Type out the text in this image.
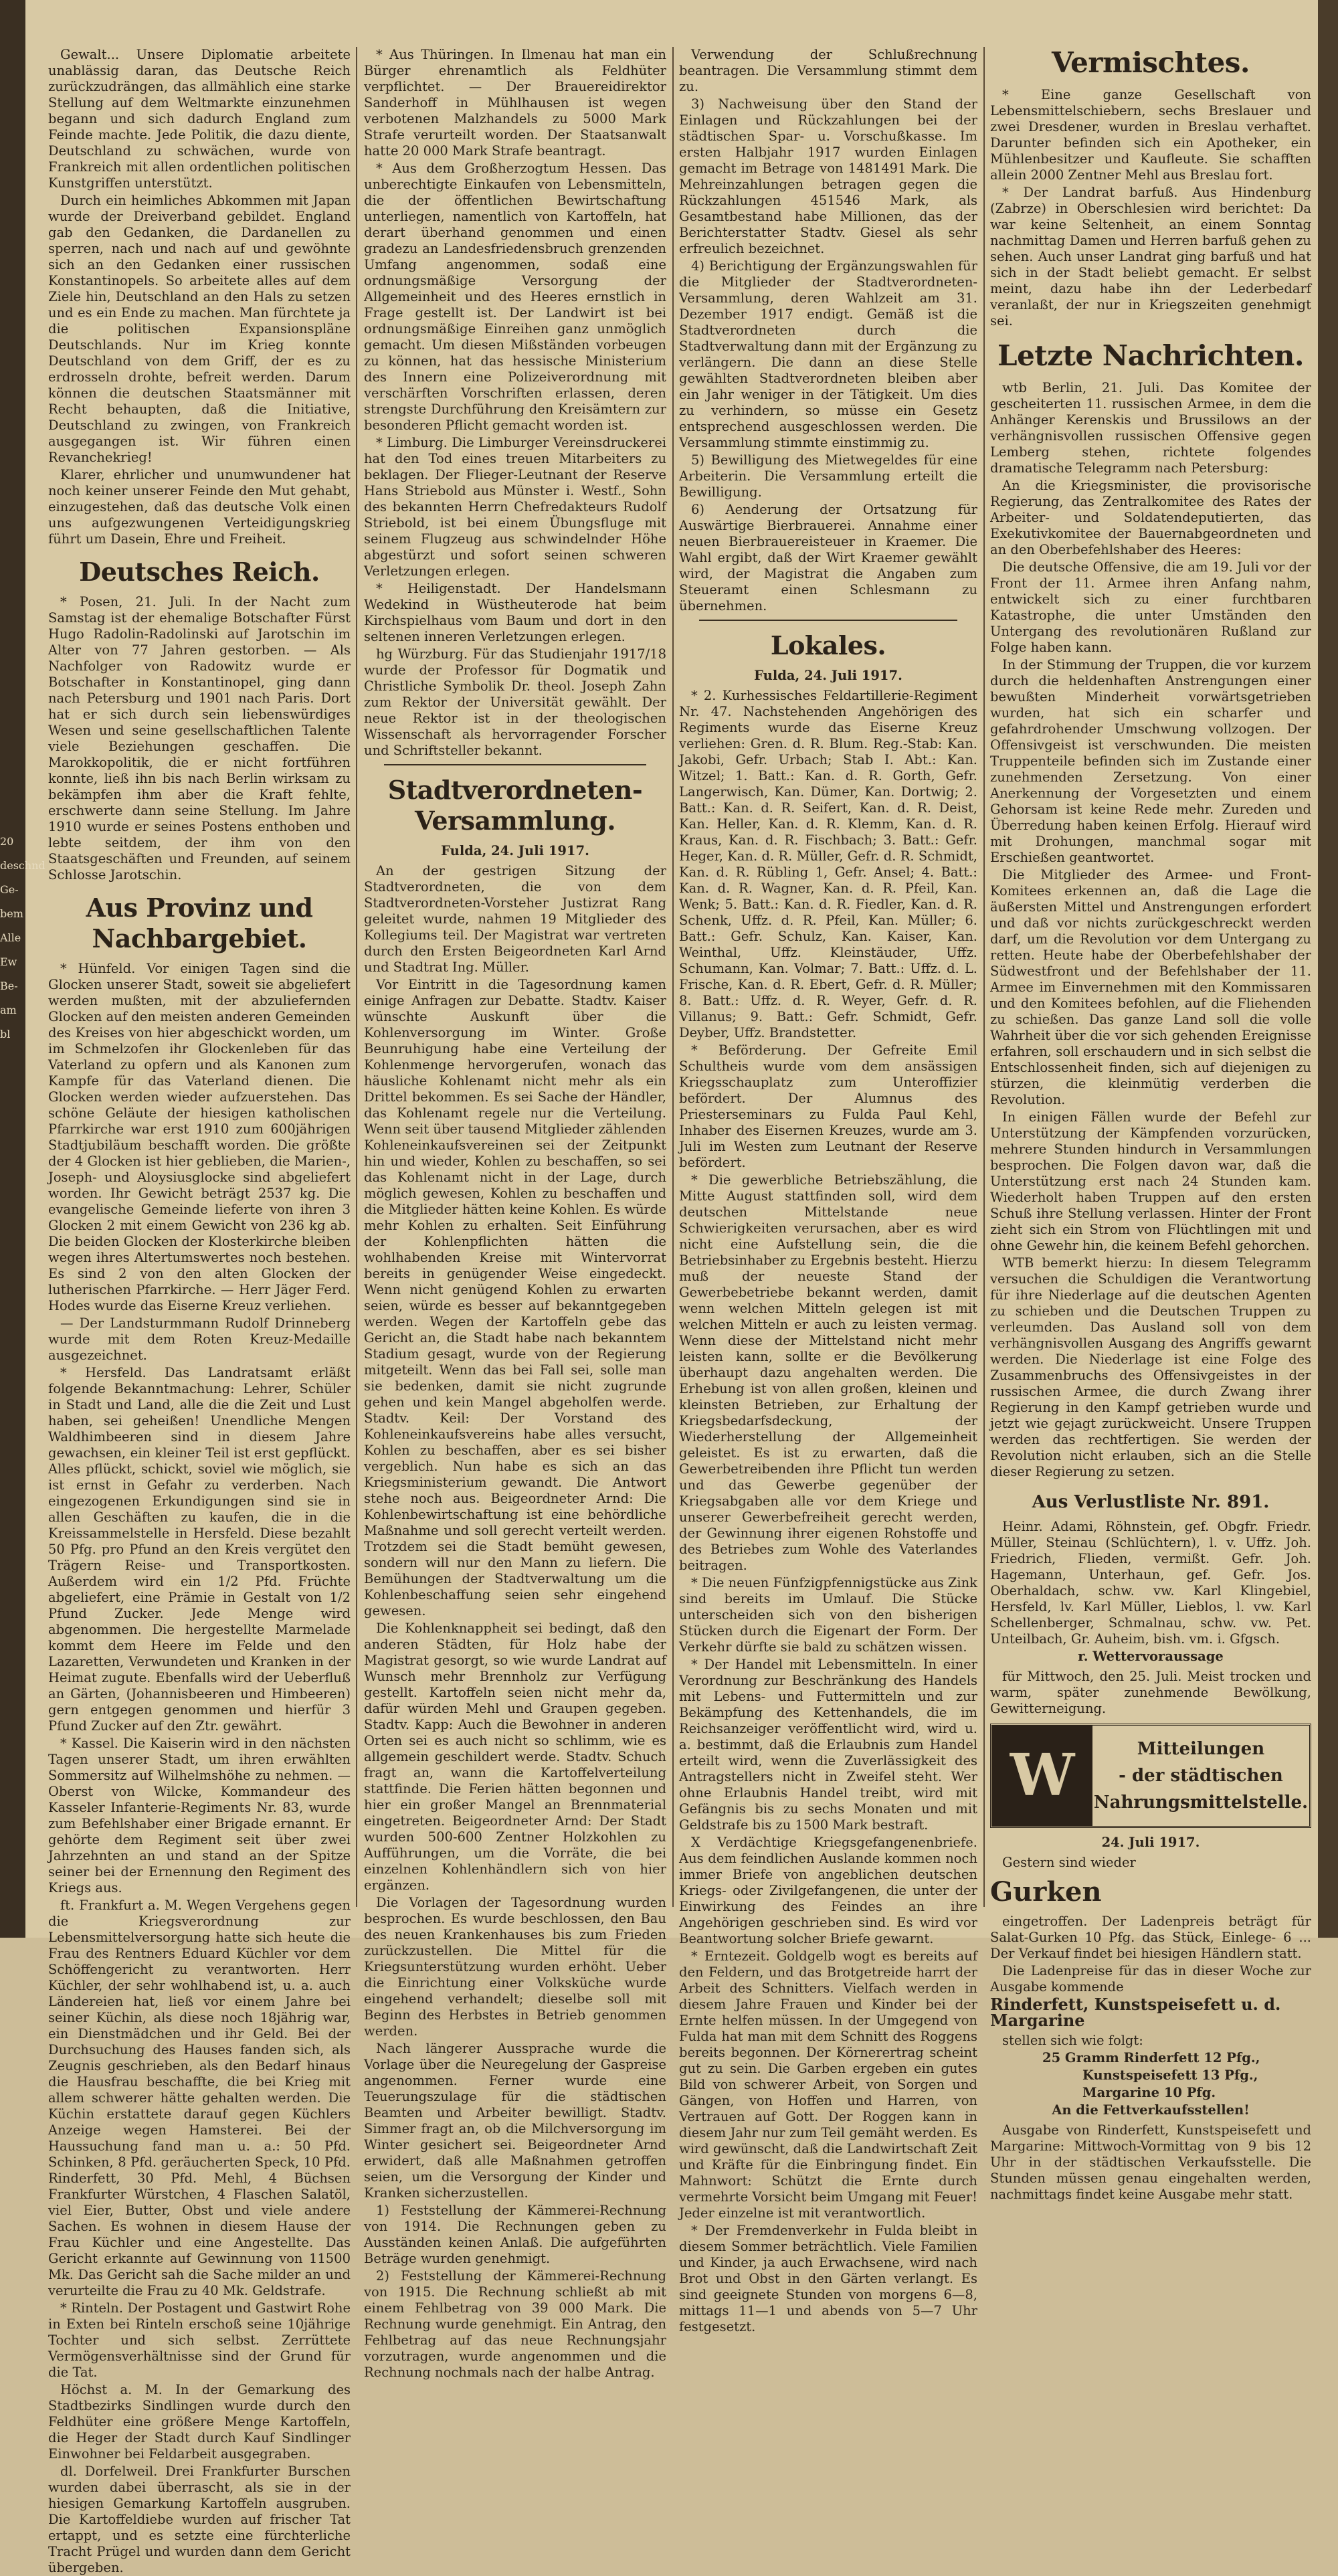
Gewalt... Unsere Diplomatie arbeitete unablässig daran, das Deutsche Reich zurückzudrängen, das allmählich eine starke Stellung auf dem Weltmarkte einzunehmen begann und sich dadurch England zum Feinde machte. Jede Politik, die dazu diente, Deutschland zu schwächen, wurde von Frankreich mit allen ordentlichen politischen Kunstgriffen unterstützt.

Durch ein heimliches Abkommen mit Japan wurde der Dreiverband gebildet. England gab den Gedanken, die Dardanellen zu sperren, nach und nach auf und gewöhnte sich an den Gedanken einer russischen Konstantinopels. So arbeitete alles auf dem Ziele hin, Deutschland an den Hals zu setzen und es ein Ende zu machen. Man fürchtete ja die politischen Expansionspläne Deutschlands. Nur im Krieg konnte Deutschland von dem Griff, der es zu erdrosseln drohte, befreit werden. Darum können die deutschen Staatsmänner mit Recht behaupten, daß die Initiative, Deutschland zu zwingen, von Frankreich ausgegangen ist. Wir führen einen Revanchekrieg!

Klarer, ehrlicher und unumwundener hat noch keiner unserer Feinde den Mut gehabt, einzugestehen, daß das deutsche Volk einen uns aufgezwungenen Verteidigungskrieg führt um Dasein, Ehre und Freiheit.

Deutsches Reich.

* Posen, 21. Juli. In der Nacht zum Samstag ist der ehemalige Botschafter Fürst Hugo Radolin-Radolinski auf Jarotschin im Alter von 77 Jahren gestorben. — Als Nachfolger von Radowitz wurde er Botschafter in Konstantinopel, ging dann nach Petersburg und 1901 nach Paris. Dort hat er sich durch sein liebenswürdiges Wesen und seine gesellschaftlichen Talente viele Beziehungen geschaffen. Die Marokkopolitik, die er nicht fortführen konnte, ließ ihn bis nach Berlin wirksam zu bekämpfen ihm aber die Kraft fehlte, erschwerte dann seine Stellung. Im Jahre 1910 wurde er seines Postens enthoben und lebte seitdem, der ihm von den Staatsgeschäften und Freunden, auf seinem Schlosse Jarotschin.

Aus Provinz und Nachbargebiet.

* Hünfeld. Vor einigen Tagen sind die Glocken unserer Stadt, soweit sie abgeliefert werden mußten, mit der abzuliefernden Glocken auf den meisten anderen Gemeinden des Kreises von hier abgeschickt worden, um im Schmelzofen ihr Glockenleben für das Vaterland zu opfern und als Kanonen zum Kampfe für das Vaterland dienen. Die Glocken werden wieder aufzuerstehen. Das schöne Geläute der hiesigen katholischen Pfarrkirche war erst 1910 zum 600jährigen Stadtjubiläum beschafft worden. Die größte der 4 Glocken ist hier geblieben, die Marien-, Joseph- und Aloysiusglocke sind abgeliefert worden. Ihr Gewicht beträgt 2537 kg. Die evangelische Gemeinde lieferte von ihren 3 Glocken 2 mit einem Gewicht von 236 kg ab. Die beiden Glocken der Klosterkirche bleiben wegen ihres Altertumswertes noch bestehen. Es sind 2 von den alten Glocken der lutherischen Pfarrkirche. — Herr Jäger Ferd. Hodes wurde das Eiserne Kreuz verliehen.

— Der Landsturmmann Rudolf Drinneberg wurde mit dem Roten Kreuz-Medaille ausgezeichnet.

* Hersfeld. Das Landratsamt erläßt folgende Bekanntmachung: Lehrer, Schüler in Stadt und Land, alle die die Zeit und Lust haben, sei geheißen! Unendliche Mengen Waldhimbeeren sind in diesem Jahre gewachsen, ein kleiner Teil ist erst gepflückt. Alles pflückt, schickt, soviel wie möglich, sie ist ernst in Gefahr zu verderben. Nach eingezogenen Erkundigungen sind sie in allen Geschäften zu kaufen, die in die Kreissammelstelle in Hersfeld. Diese bezahlt 50 Pfg. pro Pfund an den Kreis vergütet den Trägern Reise- und Transportkosten. Außerdem wird ein 1/2 Pfd. Früchte abgeliefert, eine Prämie in Gestalt von 1/2 Pfund Zucker. Jede Menge wird abgenommen. Die hergestellte Marmelade kommt dem Heere im Felde und den Lazaretten, Verwundeten und Kranken in der Heimat zugute. Ebenfalls wird der Ueberfluß an Gärten, (Johannisbeeren und Himbeeren) gern entgegen genommen und hierfür 3 Pfund Zucker auf den Ztr. gewährt.

* Kassel. Die Kaiserin wird in den nächsten Tagen unserer Stadt, um ihren erwählten Sommersitz auf Wilhelmshöhe zu nehmen. — Oberst von Wilcke, Kommandeur des Kasseler Infanterie-Regiments Nr. 83, wurde zum Befehlshaber einer Brigade ernannt. Er gehörte dem Regiment seit über zwei Jahrzehnten an und stand an der Spitze seiner bei der Ernennung den Regiment des Kriegs aus.

ft. Frankfurt a. M. Wegen Vergehens gegen die Kriegsverordnung zur Lebensmittelversorgung hatte sich heute die Frau des Rentners Eduard Küchler vor dem Schöffengericht zu verantworten. Herr Küchler, der sehr wohlhabend ist, u. a. auch Ländereien hat, ließ vor einem Jahre bei seiner Küchin, als diese noch 18jährig war, ein Dienstmädchen und ihr Geld. Bei der Durchsuchung des Hauses fanden sich, als Zeugnis geschrieben, als den Bedarf hinaus die Hausfrau beschaffte, die bei Krieg mit allem schwerer hätte gehalten werden. Die Küchin erstattete darauf gegen Küchlers Anzeige wegen Hamsterei. Bei der Haussuchung fand man u. a.: 50 Pfd. Schinken, 8 Pfd. geräucherten Speck, 10 Pfd. Rinderfett, 30 Pfd. Mehl, 4 Büchsen Frankfurter Würstchen, 4 Flaschen Salatöl, viel Eier, Butter, Obst und viele andere Sachen. Es wohnen in diesem Hause der Frau Küchler und eine Angestellte. Das Gericht erkannte auf Gewinnung von 11500 Mk. Das Gericht sah die Sache milder an und verurteilte die Frau zu 40 Mk. Geldstrafe.

* Rinteln. Der Postagent und Gastwirt Rohe in Exten bei Rinteln erschoß seine 10jährige Tochter und sich selbst. Zerrüttete Vermögensverhältnisse sind der Grund für die Tat.

Höchst a. M. In der Gemarkung des Stadtbezirks Sindlingen wurde durch den Feldhüter eine größere Menge Kartoffeln, die Heger der Stadt durch Kauf Sindlinger Einwohner bei Feldarbeit ausgegraben.

dl. Dorfelweil. Drei Frankfurter Burschen wurden dabei überrascht, als sie in der hiesigen Gemarkung Kartoffeln ausgruben. Die Kartoffeldiebe wurden auf frischer Tat ertappt, und es setzte eine fürchterliche Tracht Prügel und wurden dann dem Gericht übergeben.

* Aus Thüringen. In Ilmenau hat man ein Bürger ehrenamtlich als Feldhüter verpflichtet. — Der Brauereidirektor Sanderhoff in Mühlhausen ist wegen verbotenen Malzhandels zu 5000 Mark Strafe verurteilt worden. Der Staatsanwalt hatte 20 000 Mark Strafe beantragt.

* Aus dem Großherzogtum Hessen. Das unberechtigte Einkaufen von Lebensmitteln, die der öffentlichen Bewirtschaftung unterliegen, namentlich von Kartoffeln, hat derart überhand genommen und einen gradezu an Landesfriedensbruch grenzenden Umfang angenommen, sodaß eine ordnungsmäßige Versorgung der Allgemeinheit und des Heeres ernstlich in Frage gestellt ist. Der Landwirt ist bei ordnungsmäßige Einreihen ganz unmöglich gemacht. Um diesen Mißständen vorbeugen zu können, hat das hessische Ministerium des Innern eine Polizeiverordnung mit verschärften Vorschriften erlassen, deren strengste Durchführung den Kreisämtern zur besonderen Pflicht gemacht worden ist.

* Limburg. Die Limburger Vereinsdruckerei hat den Tod eines treuen Mitarbeiters zu beklagen. Der Flieger-Leutnant der Reserve Hans Striebold aus Münster i. Westf., Sohn des bekannten Herrn Chefredakteurs Rudolf Striebold, ist bei einem Übungsfluge mit seinem Flugzeug aus schwindelnder Höhe abgestürzt und sofort seinen schweren Verletzungen erlegen.

* Heiligenstadt. Der Handelsmann Wedekind in Wüstheuterode hat beim Kirchspielhaus vom Baum und dort in den seltenen inneren Verletzungen erlegen.

hg Würzburg. Für das Studienjahr 1917/18 wurde der Professor für Dogmatik und Christliche Symbolik Dr. theol. Joseph Zahn zum Rektor der Universität gewählt. Der neue Rektor ist in der theologischen Wissenschaft als hervorragender Forscher und Schriftsteller bekannt.

Stadtverordneten-Versammlung.
Fulda, 24. Juli 1917.

An der gestrigen Sitzung der Stadtverordneten, die von dem Stadtverordneten-Vorsteher Justizrat Rang geleitet wurde, nahmen 19 Mitglieder des Kollegiums teil. Der Magistrat war vertreten durch den Ersten Beigeordneten Karl Arnd und Stadtrat Ing. Müller.

Vor Eintritt in die Tagesordnung kamen einige Anfragen zur Debatte. Stadtv. Kaiser wünschte Auskunft über die Kohlenversorgung im Winter. Große Beunruhigung habe eine Verteilung der Kohlenmenge hervorgerufen, wonach das häusliche Kohlenamt nicht mehr als ein Drittel bekommen. Es sei Sache der Händler, das Kohlenamt regele nur die Verteilung. Wenn seit über tausend Mitglieder zählenden Kohleneinkaufsvereinen sei der Zeitpunkt hin und wieder, Kohlen zu beschaffen, so sei das Kohlenamt nicht in der Lage, durch möglich gewesen, Kohlen zu beschaffen und die Mitglieder hätten keine Kohlen. Es würde mehr Kohlen zu erhalten. Seit Einführung der Kohlenpflichten hätten die wohlhabenden Kreise mit Wintervorrat bereits in genügender Weise eingedeckt. Wenn nicht genügend Kohlen zu erwarten seien, würde es besser auf bekanntgegeben werden. Wegen der Kartoffeln gebe das Gericht an, die Stadt habe nach bekanntem Stadium gesagt, wurde von der Regierung mitgeteilt. Wenn das bei Fall sei, solle man sie bedenken, damit sie nicht zugrunde gehen und kein Mangel abgeholfen werde. Stadtv. Keil: Der Vorstand des Kohleneinkaufsvereins habe alles versucht, Kohlen zu beschaffen, aber es sei bisher vergeblich. Nun habe es sich an das Kriegsministerium gewandt. Die Antwort stehe noch aus. Beigeordneter Arnd: Die Kohlenbewirtschaftung ist eine behördliche Maßnahme und soll gerecht verteilt werden. Trotzdem sei die Stadt bemüht gewesen, sondern will nur den Mann zu liefern. Die Bemühungen der Stadtverwaltung um die Kohlenbeschaffung seien sehr eingehend gewesen.

Die Kohlenknappheit sei bedingt, daß den anderen Städten, für Holz habe der Magistrat gesorgt, so wie wurde Landrat auf Wunsch mehr Brennholz zur Verfügung gestellt. Kartoffeln seien nicht mehr da, dafür würden Mehl und Graupen gegeben. Stadtv. Kapp: Auch die Bewohner in anderen Orten sei es auch nicht so schlimm, wie es allgemein geschildert werde. Stadtv. Schuch fragt an, wann die Kartoffelverteilung stattfinde. Die Ferien hätten begonnen und hier ein großer Mangel an Brennmaterial eingetreten. Beigeordneter Arnd: Der Stadt wurden 500-600 Zentner Holzkohlen zu Aufführungen, um die Vorräte, die bei einzelnen Kohlenhändlern sich von hier ergänzen.

Die Vorlagen der Tagesordnung wurden besprochen. Es wurde beschlossen, den Bau des neuen Krankenhauses bis zum Frieden zurückzustellen. Die Mittel für die Kriegsunterstützung wurden erhöht. Ueber die Einrichtung einer Volksküche wurde eingehend verhandelt; dieselbe soll mit Beginn des Herbstes in Betrieb genommen werden.

Nach längerer Aussprache wurde die Vorlage über die Neuregelung der Gaspreise angenommen. Ferner wurde eine Teuerungszulage für die städtischen Beamten und Arbeiter bewilligt. Stadtv. Simmer fragt an, ob die Milchversorgung im Winter gesichert sei. Beigeordneter Arnd erwidert, daß alle Maßnahmen getroffen seien, um die Versorgung der Kinder und Kranken sicherzustellen.

1) Feststellung der Kämmerei-Rechnung von 1914. Die Rechnungen geben zu Ausständen keinen Anlaß. Die aufgeführten Beträge wurden genehmigt.

2) Feststellung der Kämmerei-Rechnung von 1915. Die Rechnung schließt ab mit einem Fehlbetrag von 39 000 Mark. Die Rechnung wurde genehmigt. Ein Antrag, den Fehlbetrag auf das neue Rechnungsjahr vorzutragen, wurde angenommen und die Rechnung nochmals nach der halbe Antrag.

Verwendung der Schlußrechnung beantragen. Die Versammlung stimmt dem zu.

3) Nachweisung über den Stand der Einlagen und Rückzahlungen bei der städtischen Spar- u. Vorschußkasse. Im ersten Halbjahr 1917 wurden Einlagen gemacht im Betrage von 1481491 Mark. Die Mehreinzahlungen betragen gegen die Rückzahlungen 451546 Mark, als Gesamtbestand habe Millionen, das der Berichterstatter Stadtv. Giesel als sehr erfreulich bezeichnet.

4) Berichtigung der Ergänzungswahlen für die Mitglieder der Stadtverordneten-Versammlung, deren Wahlzeit am 31. Dezember 1917 endigt. Gemäß ist die Stadtverordneten durch die Stadtverwaltung dann mit der Ergänzung zu verlängern. Die dann an diese Stelle gewählten Stadtverordneten bleiben aber ein Jahr weniger in der Tätigkeit. Um dies zu verhindern, so müsse ein Gesetz entsprechend ausgeschlossen werden. Die Versammlung stimmte einstimmig zu.

5) Bewilligung des Mietwegeldes für eine Arbeiterin. Die Versammlung erteilt die Bewilligung.

6) Aenderung der Ortsatzung für Auswärtige Bierbrauerei. Annahme einer neuen Bierbrauereisteuer in Kraemer. Die Wahl ergibt, daß der Wirt Kraemer gewählt wird, der Magistrat die Angaben zum Steueramt einen Schlesmann zu übernehmen.

Lokales.
Fulda, 24. Juli 1917.

* 2. Kurhessisches Feldartillerie-Regiment Nr. 47. Nachstehenden Angehörigen des Regiments wurde das Eiserne Kreuz verliehen: Gren. d. R. Blum. Reg.-Stab: Kan. Jakobi, Gefr. Urbach; Stab I. Abt.: Kan. Witzel; 1. Batt.: Kan. d. R. Gorth, Gefr. Langerwisch, Kan. Dümer, Kan. Dortwig; 2. Batt.: Kan. d. R. Seifert, Kan. d. R. Deist, Kan. Heller, Kan. d. R. Klemm, Kan. d. R. Kraus, Kan. d. R. Fischbach; 3. Batt.: Gefr. Heger, Kan. d. R. Müller, Gefr. d. R. Schmidt, Kan. d. R. Rübling 1, Gefr. Ansel; 4. Batt.: Kan. d. R. Wagner, Kan. d. R. Pfeil, Kan. Wenk; 5. Batt.: Kan. d. R. Fiedler, Kan. d. R. Schenk, Uffz. d. R. Pfeil, Kan. Müller; 6. Batt.: Gefr. Schulz, Kan. Kaiser, Kan. Weinthal, Uffz. Kleinstäuder, Uffz. Schumann, Kan. Volmar; 7. Batt.: Uffz. d. L. Frische, Kan. d. R. Ebert, Gefr. d. R. Müller; 8. Batt.: Uffz. d. R. Weyer, Gefr. d. R. Villanus; 9. Batt.: Gefr. Schmidt, Gefr. Deyber, Uffz. Brandstetter.

* Beförderung. Der Gefreite Emil Schultheis wurde vom dem ansässigen Kriegsschauplatz zum Unteroffizier befördert. Der Alumnus des Priesterseminars zu Fulda Paul Kehl, Inhaber des Eisernen Kreuzes, wurde am 3. Juli im Westen zum Leutnant der Reserve befördert.

* Die gewerbliche Betriebszählung, die Mitte August stattfinden soll, wird dem deutschen Mittelstande neue Schwierigkeiten verursachen, aber es wird nicht eine Aufstellung sein, die die Betriebsinhaber zu Ergebnis besteht. Hierzu muß der neueste Stand der Gewerbebetriebe bekannt werden, damit wenn welchen Mitteln gelegen ist mit welchen Mitteln er auch zu leisten vermag. Wenn diese der Mittelstand nicht mehr leisten kann, sollte er die Bevölkerung überhaupt dazu angehalten werden. Die Erhebung ist von allen großen, kleinen und kleinsten Betrieben, zur Erhaltung der Kriegsbedarfsdeckung, der Wiederherstellung der Allgemeinheit geleistet. Es ist zu erwarten, daß die Gewerbetreibenden ihre Pflicht tun werden und das Gewerbe gegenüber der Kriegsabgaben alle vor dem Kriege und unserer Gewerbefreiheit gerecht werden, der Gewinnung ihrer eigenen Rohstoffe und des Betriebes zum Wohle des Vaterlandes beitragen.

* Die neuen Fünfzigpfennigstücke aus Zink sind bereits im Umlauf. Die Stücke unterscheiden sich von den bisherigen Stücken durch die Eigenart der Form. Der Verkehr dürfte sie bald zu schätzen wissen.

* Der Handel mit Lebensmitteln. In einer Verordnung zur Beschränkung des Handels mit Lebens- und Futtermitteln und zur Bekämpfung des Kettenhandels, die im Reichsanzeiger veröffentlicht wird, wird u. a. bestimmt, daß die Erlaubnis zum Handel erteilt wird, wenn die Zuverlässigkeit des Antragstellers nicht in Zweifel steht. Wer ohne Erlaubnis Handel treibt, wird mit Gefängnis bis zu sechs Monaten und mit Geldstrafe bis zu 1500 Mark bestraft.

X Verdächtige Kriegsgefangenenbriefe. Aus dem feindlichen Auslande kommen noch immer Briefe von angeblichen deutschen Kriegs- oder Zivilgefangenen, die unter der Einwirkung des Feindes an ihre Angehörigen geschrieben sind. Es wird vor Beantwortung solcher Briefe gewarnt.

* Erntezeit. Goldgelb wogt es bereits auf den Feldern, und das Brotgetreide harrt der Arbeit des Schnitters. Vielfach werden in diesem Jahre Frauen und Kinder bei der Ernte helfen müssen. In der Umgegend von Fulda hat man mit dem Schnitt des Roggens bereits begonnen. Der Körnerertrag scheint gut zu sein. Die Garben ergeben ein gutes Bild von schwerer Arbeit, von Sorgen und Gängen, von Hoffen und Harren, von Vertrauen auf Gott. Der Roggen kann in diesem Jahr nur zum Teil gemäht werden. Es wird gewünscht, daß die Landwirtschaft Zeit und Kräfte für die Einbringung findet. Ein Mahnwort: Schützt die Ernte durch vermehrte Vorsicht beim Umgang mit Feuer! Jeder einzelne ist mit verantwortlich.

* Der Fremdenverkehr in Fulda bleibt in diesem Sommer beträchtlich. Viele Familien und Kinder, ja auch Erwachsene, wird nach Brot und Obst in den Gärten verlangt. Es sind geeignete Stunden von morgens 6—8, mittags 11—1 und abends von 5—7 Uhr festgesetzt.

Vermischtes.

* Eine ganze Gesellschaft von Lebensmittelschiebern, sechs Breslauer und zwei Dresdener, wurden in Breslau verhaftet. Darunter befinden sich ein Apotheker, ein Mühlenbesitzer und Kaufleute. Sie schafften allein 2000 Zentner Mehl aus Breslau fort.

* Der Landrat barfuß. Aus Hindenburg (Zabrze) in Oberschlesien wird berichtet: Da war keine Seltenheit, an einem Sonntag nachmittag Damen und Herren barfuß gehen zu sehen. Auch unser Landrat ging barfuß und hat sich in der Stadt beliebt gemacht. Er selbst meint, dazu habe ihn der Lederbedarf veranlaßt, der nur in Kriegszeiten genehmigt sei.

Letzte Nachrichten.

wtb Berlin, 21. Juli. Das Komitee der gescheiterten 11. russischen Armee, in dem die Anhänger Kerenskis und Brussilows an der verhängnisvollen russischen Offensive gegen Lemberg stehen, richtete folgendes dramatische Telegramm nach Petersburg:

An die Kriegsminister, die provisorische Regierung, das Zentralkomitee des Rates der Arbeiter- und Soldatendeputierten, das Exekutivkomitee der Bauernabgeordneten und an den Oberbefehlshaber des Heeres:

Die deutsche Offensive, die am 19. Juli vor der Front der 11. Armee ihren Anfang nahm, entwickelt sich zu einer furchtbaren Katastrophe, die unter Umständen den Untergang des revolutionären Rußland zur Folge haben kann.

In der Stimmung der Truppen, die vor kurzem durch die heldenhaften Anstrengungen einer bewußten Minderheit vorwärtsgetrieben wurden, hat sich ein scharfer und gefahrdrohender Umschwung vollzogen. Der Offensivgeist ist verschwunden. Die meisten Truppenteile befinden sich im Zustande einer zunehmenden Zersetzung. Von einer Anerkennung der Vorgesetzten und einem Gehorsam ist keine Rede mehr. Zureden und Überredung haben keinen Erfolg. Hierauf wird mit Drohungen, manchmal sogar mit Erschießen geantwortet.

Die Mitglieder des Armee- und Front-Komitees erkennen an, daß die Lage die äußersten Mittel und Anstrengungen erfordert und daß vor nichts zurückgeschreckt werden darf, um die Revolution vor dem Untergang zu retten. Heute habe der Oberbefehlshaber der Südwestfront und der Befehlshaber der 11. Armee im Einvernehmen mit den Kommissaren und den Komitees befohlen, auf die Fliehenden zu schießen. Das ganze Land soll die volle Wahrheit über die vor sich gehenden Ereignisse erfahren, soll erschaudern und in sich selbst die Entschlossenheit finden, sich auf diejenigen zu stürzen, die kleinmütig verderben die Revolution.

In einigen Fällen wurde der Befehl zur Unterstützung der Kämpfenden vorzurücken, mehrere Stunden hindurch in Versammlungen besprochen. Die Folgen davon war, daß die Unterstützung erst nach 24 Stunden kam. Wiederholt haben Truppen auf den ersten Schuß ihre Stellung verlassen. Hinter der Front zieht sich ein Strom von Flüchtlingen mit und ohne Gewehr hin, die keinem Befehl gehorchen.

WTB bemerkt hierzu: In diesem Telegramm versuchen die Schuldigen die Verantwortung für ihre Niederlage auf die deutschen Agenten zu schieben und die Deutschen Truppen zu verleumden. Das Ausland soll von dem verhängnisvollen Ausgang des Angriffs gewarnt werden. Die Niederlage ist eine Folge des Zusammenbruchs des Offensivgeistes in der russischen Armee, die durch Zwang ihrer Regierung in den Kampf getrieben wurde und jetzt wie gejagt zurückweicht. Unsere Truppen werden das rechtfertigen. Sie werden der Revolution nicht erlauben, sich an die Stelle dieser Regierung zu setzen.

Aus Verlustliste Nr. 891.

Heinr. Adami, Röhnstein, gef. Obgfr. Friedr. Müller, Steinau (Schlüchtern), l. v. Uffz. Joh. Friedrich, Flieden, vermißt. Gefr. Joh. Hagemann, Unterhaun, gef. Gefr. Jos. Oberhaldach, schw. vw. Karl Klingebiel, Hersfeld, lv. Karl Müller, Lieblos, l. vw. Karl Schellenberger, Schmalnau, schw. vw. Pet. Unteilbach, Gr. Auheim, bish. vm. i. Gfgsch.

r. Wettervoraussage

für Mittwoch, den 25. Juli. Meist trocken und warm, später zunehmende Bewölkung, Gewitterneigung.

W	Mitteilungen
- der städtischen
Nahrungsmittelstelle.
24. Juli 1917.

Gestern sind wieder

Gurken

eingetroffen. Der Ladenpreis beträgt für Salat-Gurken 10 Pfg. das Stück, Einlege- 6 ... Der Verkauf findet bei hiesigen Händlern statt.

Die Ladenpreise für das in dieser Woche zur Ausgabe kommende

Rinderfett, Kunstspeisefett u. d. Margarine

stellen sich wie folgt:

25 Gramm Rinderfett 12 Pfg.,

Kunstspeisefett 13 Pfg.,

Margarine 10 Pfg.

An die Fettverkaufsstellen!

Ausgabe von Rinderfett, Kunstspeisefett und Margarine: Mittwoch-Vormittag von 9 bis 12 Uhr in der städtischen Verkaufsstelle. Die Stunden müssen genau eingehalten werden, nachmittags findet keine Ausgabe mehr statt.

20
deschnd
Ge-
bem
Alle
Ew
Be-
am
bl
